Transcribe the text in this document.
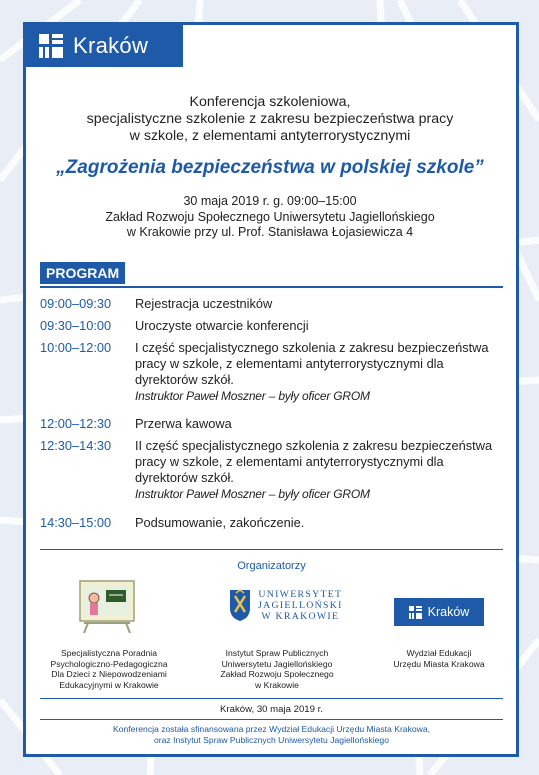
Kraków
Konferencja szkoleniowa,
specjalistyczne szkolenie z zakresu bezpieczeństwa pracy
w szkole, z elementami antyterrorystycznymi
„Zagrożenia bezpieczeństwa w polskiej szkole”
30 maja 2019 r. g. 09:00–15:00
Zakład Rozwoju Społecznego Uniwersytetu Jagiellońskiego
w Krakowie przy ul. Prof. Stanisława Łojasiewicza 4
PROGRAM
09:00–09:30	Rejestracja uczestników
09:30–10:00	Uroczyste otwarcie konferencji
10:00–12:00	I część specjalistycznego szkolenia z zakresu bezpieczeństwa
pracy w szkole, z elementami antyterrorystycznymi dla
dyrektorów szkół.
Instruktor Paweł Moszner – były oficer GROM
12:00–12:30	Przerwa kawowa
12:30–14:30	II część specjalistycznego szkolenia z zakresu bezpieczeństwa
pracy w szkole, z elementami antyterrorystycznymi dla
dyrektorów szkół.
Instruktor Paweł Moszner – były oficer GROM
14:30–15:00	Podsumowanie, zakończenie.
Organizatorzy
Specjalistyczna Poradnia
Psychologiczno-Pedagogiczna
Dla Dzieci z Niepowodzeniami
Edukacyjnymi w Krakowie
UNIWERSYTET
JAGIELLOŃSKI
W KRAKOWIE
Instytut Spraw Publicznych
Uniwersytetu Jagiellońskiego
Zakład Rozwoju Społecznego
w Krakowie
Kraków
Wydział Edukacji
Urzędu Miasta Krakowa
Kraków, 30 maja 2019 r.
Konferencja została sfinansowana przez Wydział Edukacji Urzędu Miasta Krakowa,
oraz Instytut Spraw Publicznych Uniwersytetu Jagiellońskiego
